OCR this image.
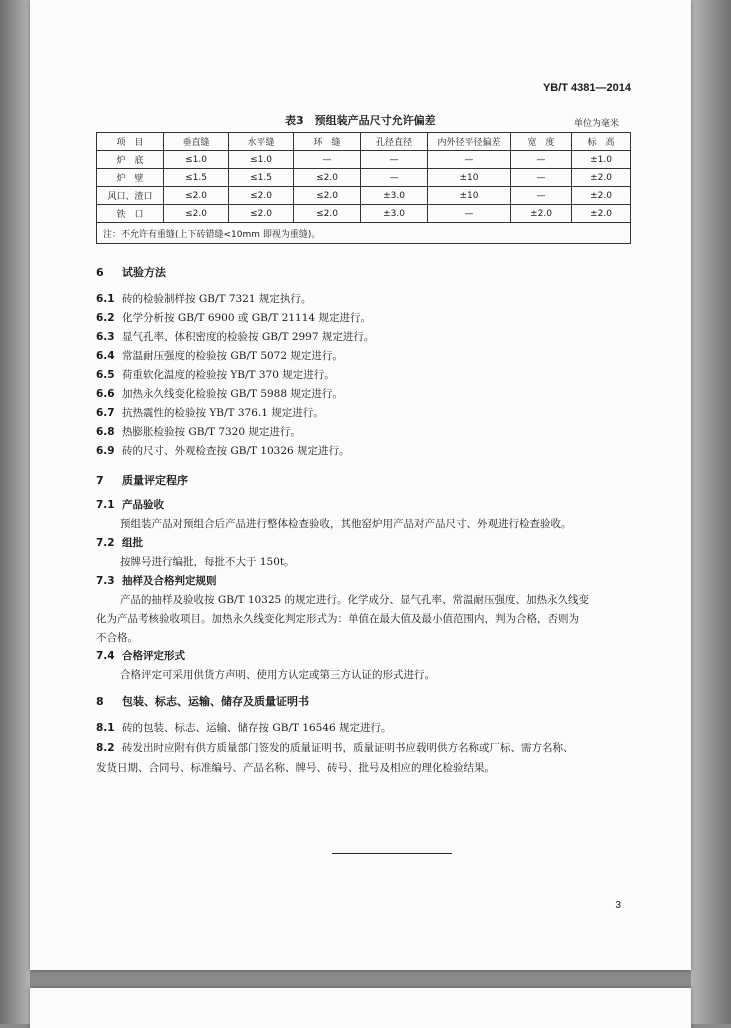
YB/T 4381—2014
表3　预组装产品尺寸允许偏差	单位为毫米
项　目	垂直缝	水平缝	环　缝	孔径直径	内外径平径偏差	宽　度	标　高
炉　底	≤1.0	≤1.0	—	—	—	—	±1.0
炉　壁	≤1.5	≤1.5	≤2.0	—	±10	—	±2.0
风口、渣口	≤2.0	≤2.0	≤2.0	±3.0	±10	—	±2.0
铁　口	≤2.0	≤2.0	≤2.0	±3.0	—	±2.0	±2.0
注：不允许有重缝(上下砖错缝<10mm 即视为重缝)。							
6 试验方法
6.1 砖的检验制样按 GB/T 7321 规定执行。
6.2 化学分析按 GB/T 6900 或 GB/T 21114 规定进行。
6.3 显气孔率、体积密度的检验按 GB/T 2997 规定进行。
6.4 常温耐压强度的检验按 GB/T 5072 规定进行。
6.5 荷重软化温度的检验按 YB/T 370 规定进行。
6.6 加热永久线变化检验按 GB/T 5988 规定进行。
6.7 抗热震性的检验按 YB/T 376.1 规定进行。
6.8 热膨胀检验按 GB/T 7320 规定进行。
6.9 砖的尺寸、外观检查按 GB/T 10326 规定进行。
7 质量评定程序
7.1 产品验收
预组装产品对预组合后产品进行整体检查验收，其他窑炉用产品对产品尺寸、外观进行检查验收。
7.2 组批
按牌号进行编批，每批不大于 150t。
7.3 抽样及合格判定规则
产品的抽样及验收按 GB/T 10325 的规定进行。化学成分、显气孔率、常温耐压强度、加热永久线变
化为产品考核验收项目。加热永久线变化判定形式为：单值在最大值及最小值范围内，判为合格，否则为
不合格。
7.4 合格评定形式
合格评定可采用供货方声明、使用方认定或第三方认证的形式进行。
8 包装、标志、运输、储存及质量证明书
8.1 砖的包装、标志、运输、储存按 GB/T 16546 规定进行。
8.2 砖发出时应附有供方质量部门签发的质量证明书，质量证明书应载明供方名称或厂标、需方名称、
发货日期、合同号、标准编号、产品名称、牌号、砖号、批号及相应的理化检验结果。
3
